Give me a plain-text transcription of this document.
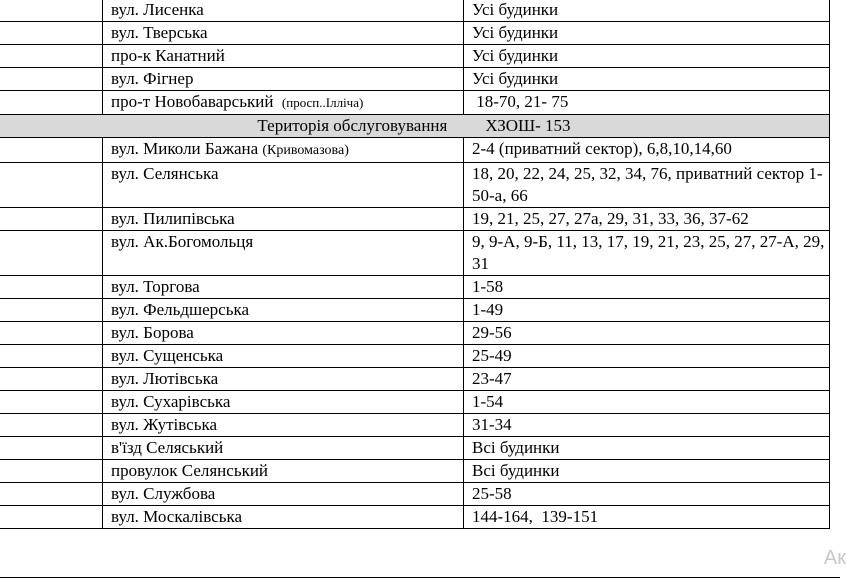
	вул. Лисенка	Усі будинки
	вул. Тверська	Усі будинки
	про-к Канатний	Усі будинки
	вул. Фігнер	Усі будинки
	про-т Новобаварський (просп..Ілліча)	18-70, 21- 75
Територія обслуговування ХЗОШ- 153		
	вул. Миколи Бажана (Кривомазова)	2-4 (приватний сектор), 6,8,10,14,60
	вул. Селянська	18, 20, 22, 24, 25, 32, 34, 76, приватний сектор 1-50-а, 66
	вул. Пилипівська	19, 21, 25, 27, 27а, 29, 31, 33, 36, 37-62
	вул. Ак.Богомольця	9, 9-А, 9-Б, 11, 13, 17, 19, 21, 23, 25, 27, 27-А, 29, 31
	вул. Торгова	1-58
	вул. Фельдшерська	1-49
	вул. Борова	29-56
	вул. Сущенська	25-49
	вул. Лютівська	23-47
	вул. Сухарівська	1-54
	вул. Жутівська	31-34
	в'їзд Селяський	Всі будинки
	провулок Селянський	Всі будинки
	вул. Службова	25-58
	вул. Москалівська	144-164,  139-151
Ак
